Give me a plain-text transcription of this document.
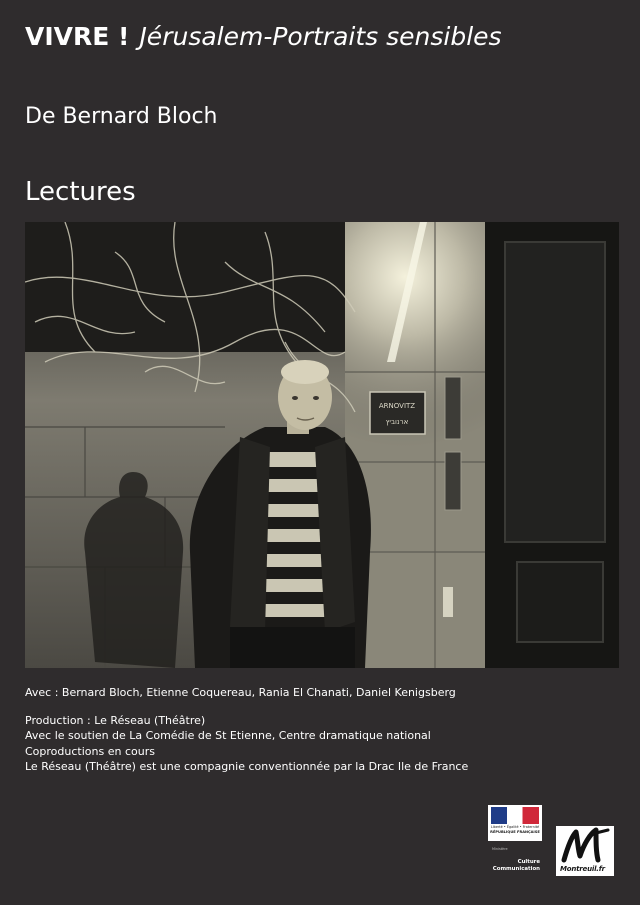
VIVRE ! Jérusalem-Portraits sensibles
De Bernard Bloch
Lectures
ARNOVITZ
ארנוביץ
Avec : Bernard Bloch, Etienne Coquereau, Rania El Chanati, Daniel Kenigsberg
Production : Le Réseau (Théâtre)
Avec le soutien de La Comédie de St Etienne, Centre dramatique national
Coproductions en cours
Le Réseau (Théâtre) est une compagnie conventionnée par la Drac Ile de France
Liberté • Égalité • Fraternité
RÉPUBLIQUE FRANÇAISE
Ministère
Culture
Communication	Montreuil.fr
